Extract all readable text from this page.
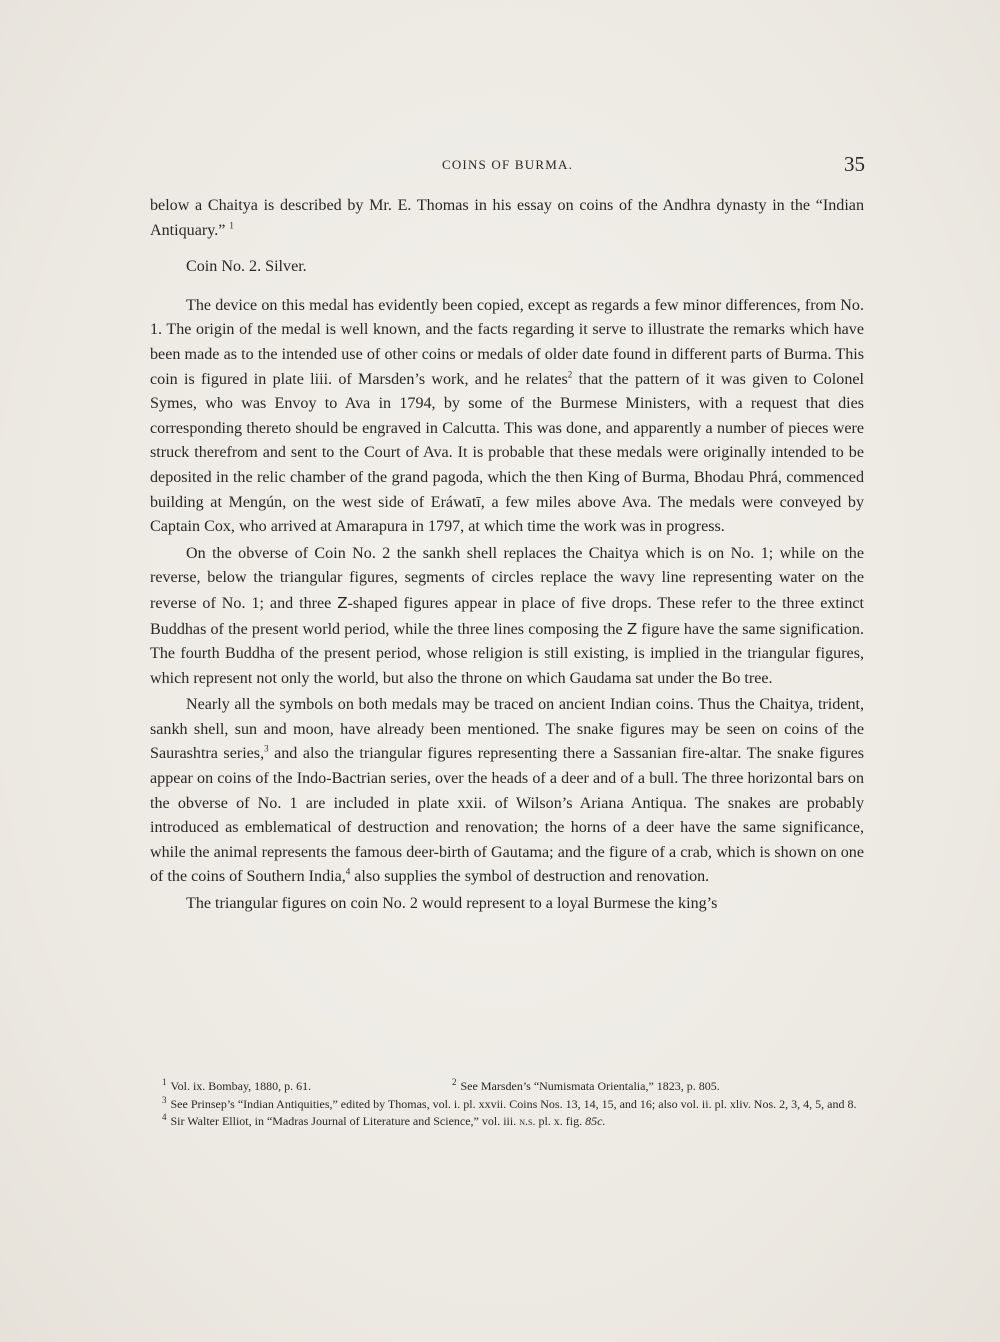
COINS OF BURMA.	35

below a Chaitya is described by Mr. E. Thomas in his essay on coins of the Andhra dynasty in the “Indian Antiquary.” $^1$

Coin No. 2. Silver.

The device on this medal has evidently been copied, except as regards a few minor differences, from No. 1. The origin of the medal is well known, and the facts regarding it serve to illustrate the remarks which have been made as to the intended use of other coins or medals of older date found in different parts of Burma. This coin is figured in plate liii. of Marsden’s work, and he relates$^2$ that the pattern of it was given to Colonel Symes, who was Envoy to Ava in 1794, by some of the Burmese Ministers, with a request that dies corresponding thereto should be engraved in Calcutta. This was done, and apparently a number of pieces were struck therefrom and sent to the Court of Ava. It is probable that these medals were originally intended to be deposited in the relic chamber of the grand pagoda, which the then King of Burma, Bhodau Phrá, commenced building at Mengún, on the west side of Eráwatī, a few miles above Ava. The medals were conveyed by Captain Cox, who arrived at Amarapura in 1797, at which time the work was in progress.

On the obverse of Coin No. 2 the sankh shell replaces the Chaitya which is on No. 1; while on the reverse, below the triangular figures, segments of circles replace the wavy line representing water on the reverse of No. 1; and three Z-shaped figures appear in place of five drops. These refer to the three extinct Buddhas of the present world period, while the three lines composing the Z figure have the same signification. The fourth Buddha of the present period, whose religion is still existing, is implied in the triangular figures, which represent not only the world, but also the throne on which Gaudama sat under the Bo tree.

Nearly all the symbols on both medals may be traced on ancient Indian coins. Thus the Chaitya, trident, sankh shell, sun and moon, have already been mentioned. The snake figures may be seen on coins of the Saurashtra series,$^3$ and also the triangular figures representing there a Sassanian fire-altar. The snake figures appear on coins of the Indo-Bactrian series, over the heads of a deer and of a bull. The three horizontal bars on the obverse of No. 1 are included in plate xxii. of Wilson’s Ariana Antiqua. The snakes are probably introduced as emblematical of destruction and renovation; the horns of a deer have the same significance, while the animal represents the famous deer-birth of Gautama; and the figure of a crab, which is shown on one of the coins of Southern India,$^4$ also supplies the symbol of destruction and renovation.

The triangular figures on coin No. 2 would represent to a loyal Burmese the king’s

$^1$ Vol. ix. Bombay, 1880, p. 61.	$^2$ See Marsden’s “Numismata Orientalia,” 1823, p. 805.

$^3$ See Prinsep’s “Indian Antiquities,” edited by Thomas, vol. i. pl. xxvii. Coins Nos. 13, 14, 15, and 16; also vol. ii. pl. xliv. Nos. 2, 3, 4, 5, and 8.

$^4$ Sir Walter Elliot, in “Madras Journal of Literature and Science,” vol. iii. n.s. pl. x. fig. 85c.
